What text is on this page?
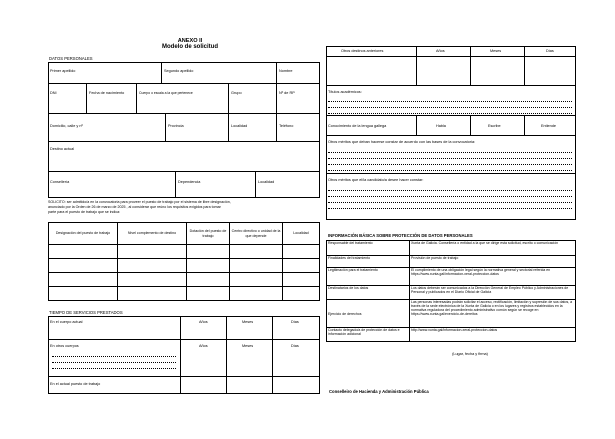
ANEXO II
Modelo de solicitud
DATOS PERSONALES
Primer apellido	Segundo apellido	Nombre
DNI	Fecha de nacimiento	Cuerpo o escala a la que pertenece	Grupo	Nº de RP
Domicilio, calle y nº	Provincia	Localidad	Teléfono
Destino actual
Consellería	Dependencia	Localidad
SOLICITO: ser admitido/a en la convocatoria para proveer el puesto de trabajo por el sistema de libre designación,
anunciado por la Orden de 26 de marzo de 2025 , al considerar que reúno los requisitos exigidos para tomar
parte para el puesto de trabajo que se indica:
Designación del puesto de trabajo	Nivel complemento de destino	Dotación del puesto de trabajo	Centro directivo o unidad de la que depende	Localidad

TIEMPO DE SERVICIOS PRESTADOS
En el cuerpo actual	Años	Meses	Días
En otros cuerpos	Años	Meses	Días
En el actual puesto de trabajo
Otros destinos anteriores	Años	Meses	Días
Títulos académicos:
Conocimiento de la lengua gallega	Habla	Escribe	Entiende
Otros méritos que deban hacerse constar de acuerdo con las bases de la convocatoria:
Otros méritos que el/la candidato/a desee hacer constar:
INFORMACIÓN BÁSICA SOBRE PROTECCIÓN DE DATOS PERSONALES
Responsable del tratamiento	Xunta de Galicia. Consellería o entidad a la que se dirige esta solicitud, escrito o comunicación
Finalidades del tratamiento	Provisión de puesto de trabajo
Legitimación para el tratamiento	El cumplimiento de una obligación legal según la normativa general y sectorial referida en https://www.xunta.gal/informacion-xeral-proteccion-datos
Destinatarios de los datos	Los datos deberán ser comunicados a la Dirección General de Empleo Público y Administraciones de Personal y publicados en el Diario Oficial de Galicia
Ejercicio de derechos	Las personas interesadas podrán solicitar el acceso, rectificación, limitación y supresión de sus datos, a través de la sede electrónica de la Xunta de Galicia o en los lugares y registros establecidos en la normativa reguladora del procedimiento administrativo común según se recoge en https://www.xunta.gal/exercicio-de-dereitos
Contacto delegado/a de protección de datos e información adicional	http://www.xunta.gal/informacion-xeral-proteccion-datos
(Lugar, fecha y firma)
Conselleiro de Hacienda y Administración Pública
